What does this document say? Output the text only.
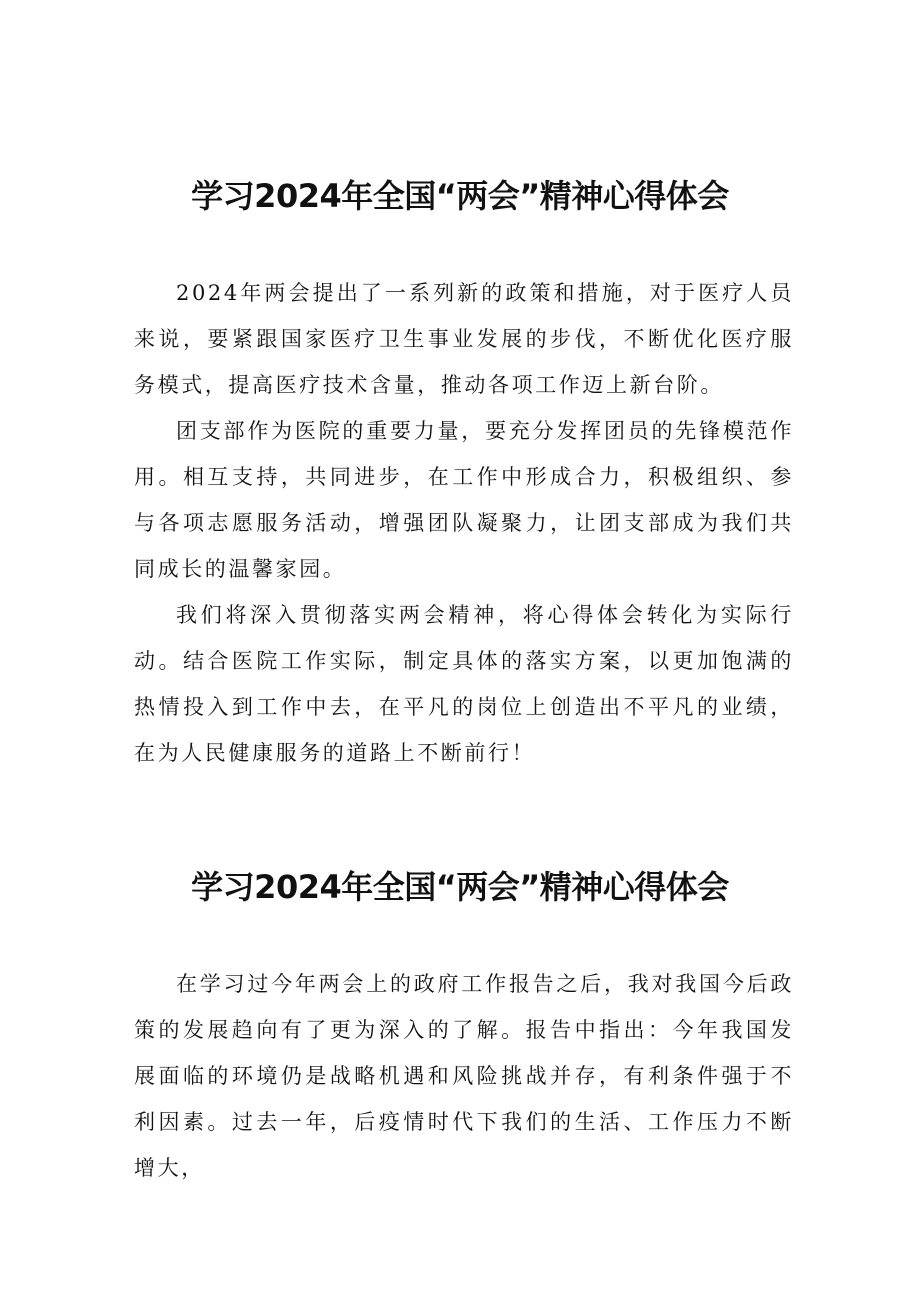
学习2024年全国“两会”精神心得体会

2024年两会提出了一系列新的政策和措施，对于医疗人员来说，要紧跟国家医疗卫生事业发展的步伐，不断优化医疗服务模式，提高医疗技术含量，推动各项工作迈上新台阶。

团支部作为医院的重要力量，要充分发挥团员的先锋模范作用。相互支持，共同进步，在工作中形成合力，积极组织、参与各项志愿服务活动，增强团队凝聚力，让团支部成为我们共同成长的温馨家园。

我们将深入贯彻落实两会精神，将心得体会转化为实际行动。结合医院工作实际，制定具体的落实方案，以更加饱满的热情投入到工作中去，在平凡的岗位上创造出不平凡的业绩，在为人民健康服务的道路上不断前行！

学习2024年全国“两会”精神心得体会

在学习过今年两会上的政府工作报告之后，我对我国今后政策的发展趋向有了更为深入的了解。报告中指出：今年我国发展面临的环境仍是战略机遇和风险挑战并存，有利条件强于不利因素。过去一年，后疫情时代下我们的生活、工作压力不断增大，
